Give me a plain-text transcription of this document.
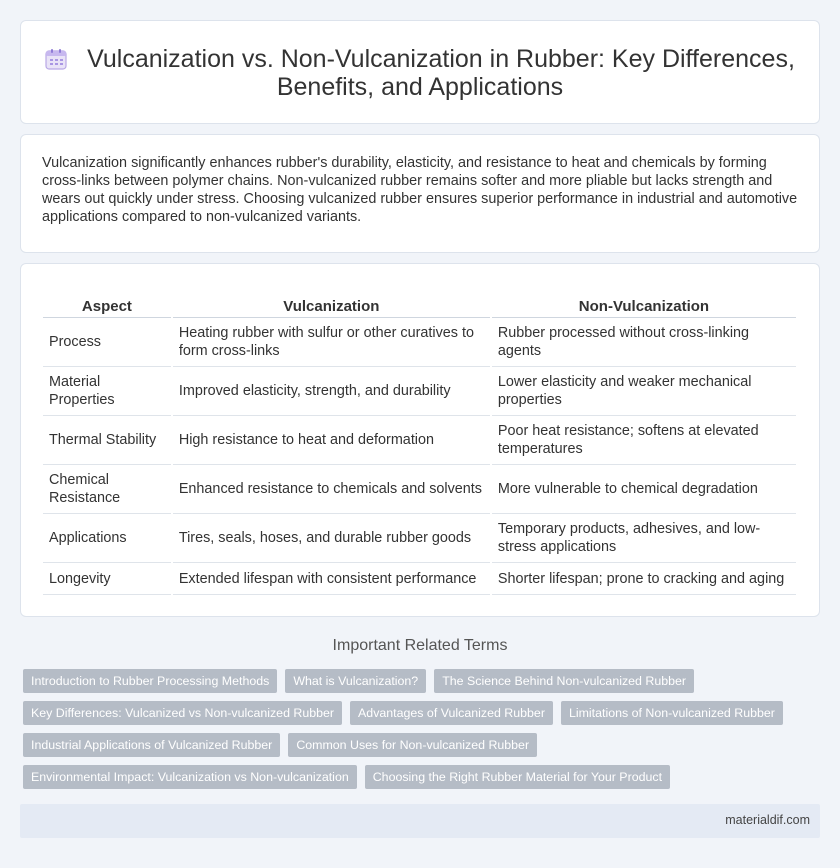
Vulcanization vs. Non-Vulcanization in Rubber: Key Differences, Benefits, and Applications

Vulcanization significantly enhances rubber's durability, elasticity, and resistance to heat and chemicals by forming cross-links between polymer chains. Non-vulcanized rubber remains softer and more pliable but lacks strength and wears out quickly under stress. Choosing vulcanized rubber ensures superior performance in industrial and automotive applications compared to non-vulcanized variants.

Aspect	Vulcanization	Non-Vulcanization
Process	Heating rubber with sulfur or other curatives to form cross-links	Rubber processed without cross-linking agents
Material Properties	Improved elasticity, strength, and durability	Lower elasticity and weaker mechanical properties
Thermal Stability	High resistance to heat and deformation	Poor heat resistance; softens at elevated temperatures
Chemical Resistance	Enhanced resistance to chemicals and solvents	More vulnerable to chemical degradation
Applications	Tires, seals, hoses, and durable rubber goods	Temporary products, adhesives, and low-stress applications
Longevity	Extended lifespan with consistent performance	Shorter lifespan; prone to cracking and aging
Important Related Terms
Introduction to Rubber Processing Methods	What is Vulcanization?	The Science Behind Non-vulcanized Rubber
Key Differences: Vulcanized vs Non-vulcanized Rubber	Advantages of Vulcanized Rubber	Limitations of Non-vulcanized Rubber
Industrial Applications of Vulcanized Rubber	Common Uses for Non-vulcanized Rubber
Environmental Impact: Vulcanization vs Non-vulcanization	Choosing the Right Rubber Material for Your Product
materialdif.com
